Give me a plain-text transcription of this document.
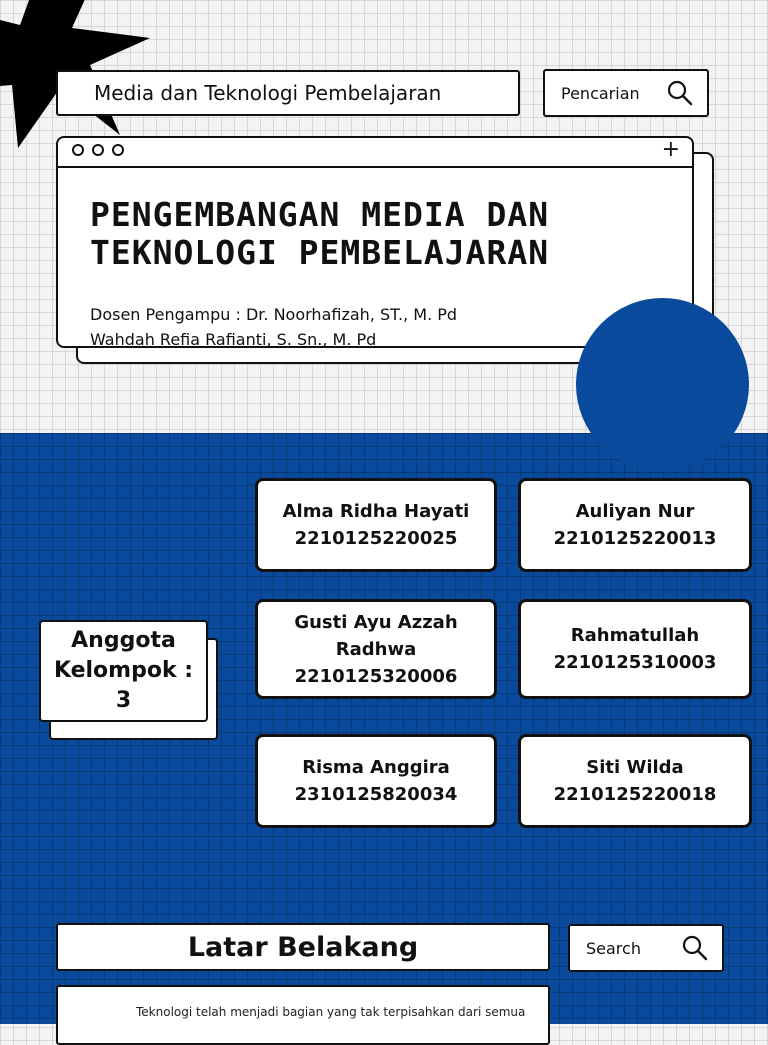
Media dan Teknologi Pembelajaran	Pencarian
+
PENGEMBANGAN MEDIA DAN
TEKNOLOGI PEMBELAJARAN
Dosen Pengampu : Dr. Noorhafizah, ST., M. Pd
Wahdah Refia Rafianti, S. Sn., M. Pd
Anggota
Kelompok :
3
Alma Ridha Hayati
2210125220025
Auliyan Nur
2210125220013
Gusti Ayu Azzah
Radhwa
2210125320006
Rahmatullah
2210125310003
Risma Anggira
2310125820034
Siti Wilda
2210125220018
Latar Belakang	Search
Teknologi telah menjadi bagian yang tak terpisahkan dari semua
